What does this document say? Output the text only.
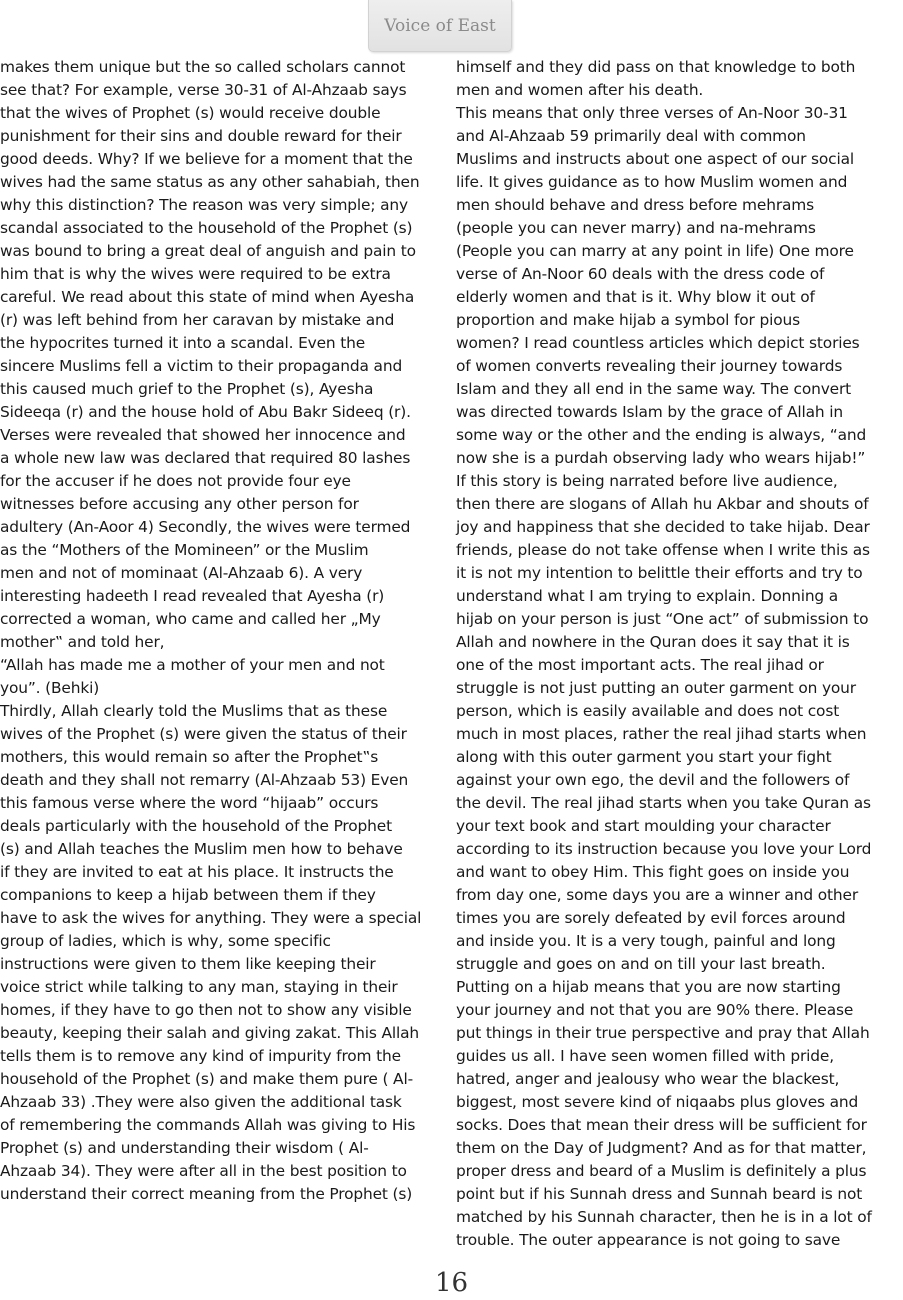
Voice of East
makes them unique but the so called scholars cannot
see that? For example, verse 30-31 of Al-Ahzaab says
that the wives of Prophet (s) would receive double
punishment for their sins and double reward for their
good deeds. Why? If we believe for a moment that the
wives had the same status as any other sahabiah, then
why this distinction? The reason was very simple; any
scandal associated to the household of the Prophet (s)
was bound to bring a great deal of anguish and pain to
him that is why the wives were required to be extra
careful. We read about this state of mind when Ayesha
(r) was left behind from her caravan by mistake and
the hypocrites turned it into a scandal. Even the
sincere Muslims fell a victim to their propaganda and
this caused much grief to the Prophet (s), Ayesha
Sideeqa (r) and the house hold of Abu Bakr Sideeq (r).
Verses were revealed that showed her innocence and
a whole new law was declared that required 80 lashes
for the accuser if he does not provide four eye
witnesses before accusing any other person for
adultery (An-Aoor 4) Secondly, the wives were termed
as the “Mothers of the Momineen” or the Muslim
men and not of mominaat (Al-Ahzaab 6). A very
interesting hadeeth I read revealed that Ayesha (r)
corrected a woman, who came and called her „My
mother‟ and told her,
“Allah has made me a mother of your men and not
you”. (Behki)
Thirdly, Allah clearly told the Muslims that as these
wives of the Prophet (s) were given the status of their
mothers, this would remain so after the Prophet‟s
death and they shall not remarry (Al-Ahzaab 53) Even
this famous verse where the word “hijaab” occurs
deals particularly with the household of the Prophet
(s) and Allah teaches the Muslim men how to behave
if they are invited to eat at his place. It instructs the
companions to keep a hijab between them if they
have to ask the wives for anything. They were a special
group of ladies, which is why, some specific
instructions were given to them like keeping their
voice strict while talking to any man, staying in their
homes, if they have to go then not to show any visible
beauty, keeping their salah and giving zakat. This Allah
tells them is to remove any kind of impurity from the
household of the Prophet (s) and make them pure ( Al-
Ahzaab 33) .They were also given the additional task
of remembering the commands Allah was giving to His
Prophet (s) and understanding their wisdom ( Al-
Ahzaab 34). They were after all in the best position to
understand their correct meaning from the Prophet (s)
himself and they did pass on that knowledge to both
men and women after his death.
This means that only three verses of An-Noor 30-31
and Al-Ahzaab 59 primarily deal with common
Muslims and instructs about one aspect of our social
life. It gives guidance as to how Muslim women and
men should behave and dress before mehrams
(people you can never marry) and na-mehrams
(People you can marry at any point in life) One more
verse of An-Noor 60 deals with the dress code of
elderly women and that is it. Why blow it out of
proportion and make hijab a symbol for pious
women? I read countless articles which depict stories
of women converts revealing their journey towards
Islam and they all end in the same way. The convert
was directed towards Islam by the grace of Allah in
some way or the other and the ending is always, “and
now she is a purdah observing lady who wears hijab!”
If this story is being narrated before live audience,
then there are slogans of Allah hu Akbar and shouts of
joy and happiness that she decided to take hijab. Dear
friends, please do not take offense when I write this as
it is not my intention to belittle their efforts and try to
understand what I am trying to explain. Donning a
hijab on your person is just “One act” of submission to
Allah and nowhere in the Quran does it say that it is
one of the most important acts. The real jihad or
struggle is not just putting an outer garment on your
person, which is easily available and does not cost
much in most places, rather the real jihad starts when
along with this outer garment you start your fight
against your own ego, the devil and the followers of
the devil. The real jihad starts when you take Quran as
your text book and start moulding your character
according to its instruction because you love your Lord
and want to obey Him. This fight goes on inside you
from day one, some days you are a winner and other
times you are sorely defeated by evil forces around
and inside you. It is a very tough, painful and long
struggle and goes on and on till your last breath.
Putting on a hijab means that you are now starting
your journey and not that you are 90% there. Please
put things in their true perspective and pray that Allah
guides us all. I have seen women filled with pride,
hatred, anger and jealousy who wear the blackest,
biggest, most severe kind of niqaabs plus gloves and
socks. Does that mean their dress will be sufficient for
them on the Day of Judgment? And as for that matter,
proper dress and beard of a Muslim is definitely a plus
point but if his Sunnah dress and Sunnah beard is not
matched by his Sunnah character, then he is in a lot of
trouble. The outer appearance is not going to save
16
